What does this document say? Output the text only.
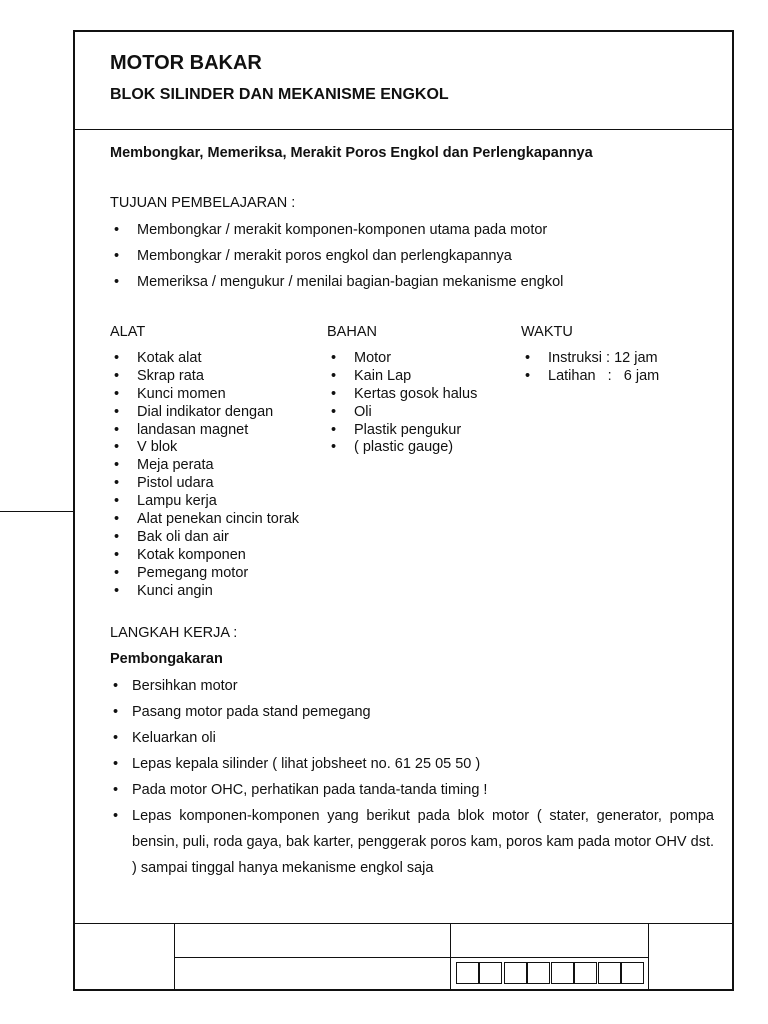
MOTOR BAKAR
BLOK SILINDER DAN MEKANISME ENGKOL
Membongkar, Memeriksa, Merakit Poros Engkol dan Perlengkapannya
TUJUAN PEMBELAJARAN :
• Membongkar / merakit komponen-komponen utama pada motor
• Membongkar / merakit poros engkol dan perlengkapannya
• Memeriksa / mengukur / menilai bagian-bagian mekanisme engkol
ALAT
• Kotak alat
• Skrap rata
• Kunci momen
• Dial indikator dengan
• landasan magnet
• V blok
• Meja perata
• Pistol udara
• Lampu kerja
• Alat penekan cincin torak
• Bak oli dan air
• Kotak komponen
• Pemegang motor
• Kunci angin
BAHAN
• Motor
• Kain Lap
• Kertas gosok halus
• Oli
• Plastik pengukur
• ( plastic gauge)
WAKTU
• Instruksi : 12 jam
• Latihan   :   6 jam
LANGKAH KERJA :
Pembongakaran
• Bersihkan motor
• Pasang motor pada stand pemegang
• Keluarkan oli
• Lepas kepala silinder ( lihat jobsheet no. 61 25 05 50 )
• Pada motor OHC, perhatikan pada tanda-tanda timing !
• Lepas komponen-komponen yang berikut pada blok motor ( stater, generator, pompa bensin, puli, roda gaya, bak karter, penggerak poros kam, poros kam pada motor OHV dst. ) sampai tinggal hanya mekanisme engkol saja
